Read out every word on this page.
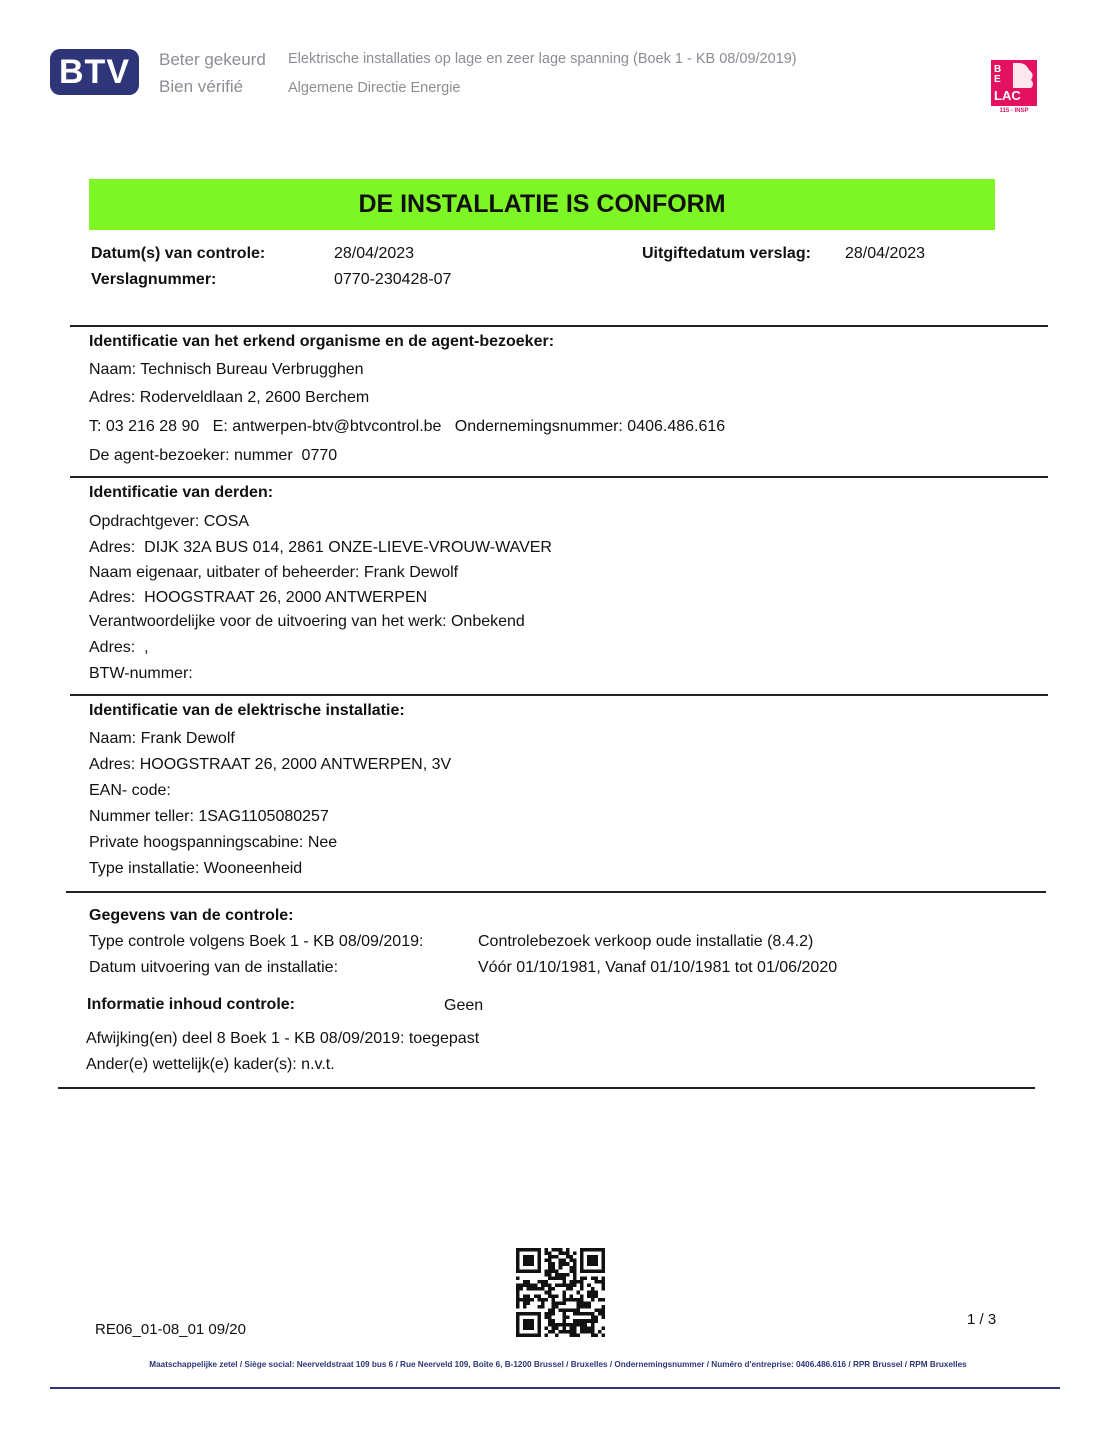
BTV	Beter gekeurd
Bien vérifié
Elektrische installaties op lage en zeer lage spanning (Boek 1 - KB 08/09/2019)
Algemene Directie Energie
B
E
LAC
115 - INSP
DE INSTALLATIE IS CONFORM
Datum(s) van controle:	28/04/2023	Uitgiftedatum verslag: 28/04/2023
Verslagnummer:	0770-230428-07
Identificatie van het erkend organisme en de agent-bezoeker:
Naam: Technisch Bureau Verbrugghen
Adres: Roderveldlaan 2, 2600 Berchem
T: 03 216 28 90   E: antwerpen-btv@btvcontrol.be   Ondernemingsnummer: 0406.486.616
De agent-bezoeker: nummer  0770
Identificatie van derden:
Opdrachtgever: COSA
Adres:  DIJK 32A BUS 014, 2861 ONZE-LIEVE-VROUW-WAVER
Naam eigenaar, uitbater of beheerder: Frank Dewolf
Adres:  HOOGSTRAAT 26, 2000 ANTWERPEN
Verantwoordelijke voor de uitvoering van het werk: Onbekend
Adres:  ,
BTW-nummer:
Identificatie van de elektrische installatie:
Naam: Frank Dewolf
Adres: HOOGSTRAAT 26, 2000 ANTWERPEN, 3V
EAN- code:
Nummer teller: 1SAG1105080257
Private hoogspanningscabine: Nee
Type installatie: Wooneenheid
Gegevens van de controle:
Type controle volgens Boek 1 - KB 08/09/2019:	Controlebezoek verkoop oude installatie (8.4.2)
Datum uitvoering van de installatie:	Vóór 01/10/1981, Vanaf 01/10/1981 tot 01/06/2020
Informatie inhoud controle:	Geen
Afwijking(en) deel 8 Boek 1 - KB 08/09/2019: toegepast
Ander(e) wettelijk(e) kader(s): n.v.t.
RE06_01-08_01 09/20
1 / 3
Maatschappelijke zetel / Siège social: Neerveldstraat 109 bus 6 / Rue Neerveld 109, Boîte 6, B-1200 Brussel / Bruxelles / Ondernemingsnummer / Numéro d'entreprise: 0406.486.616 / RPR Brussel / RPM Bruxelles
